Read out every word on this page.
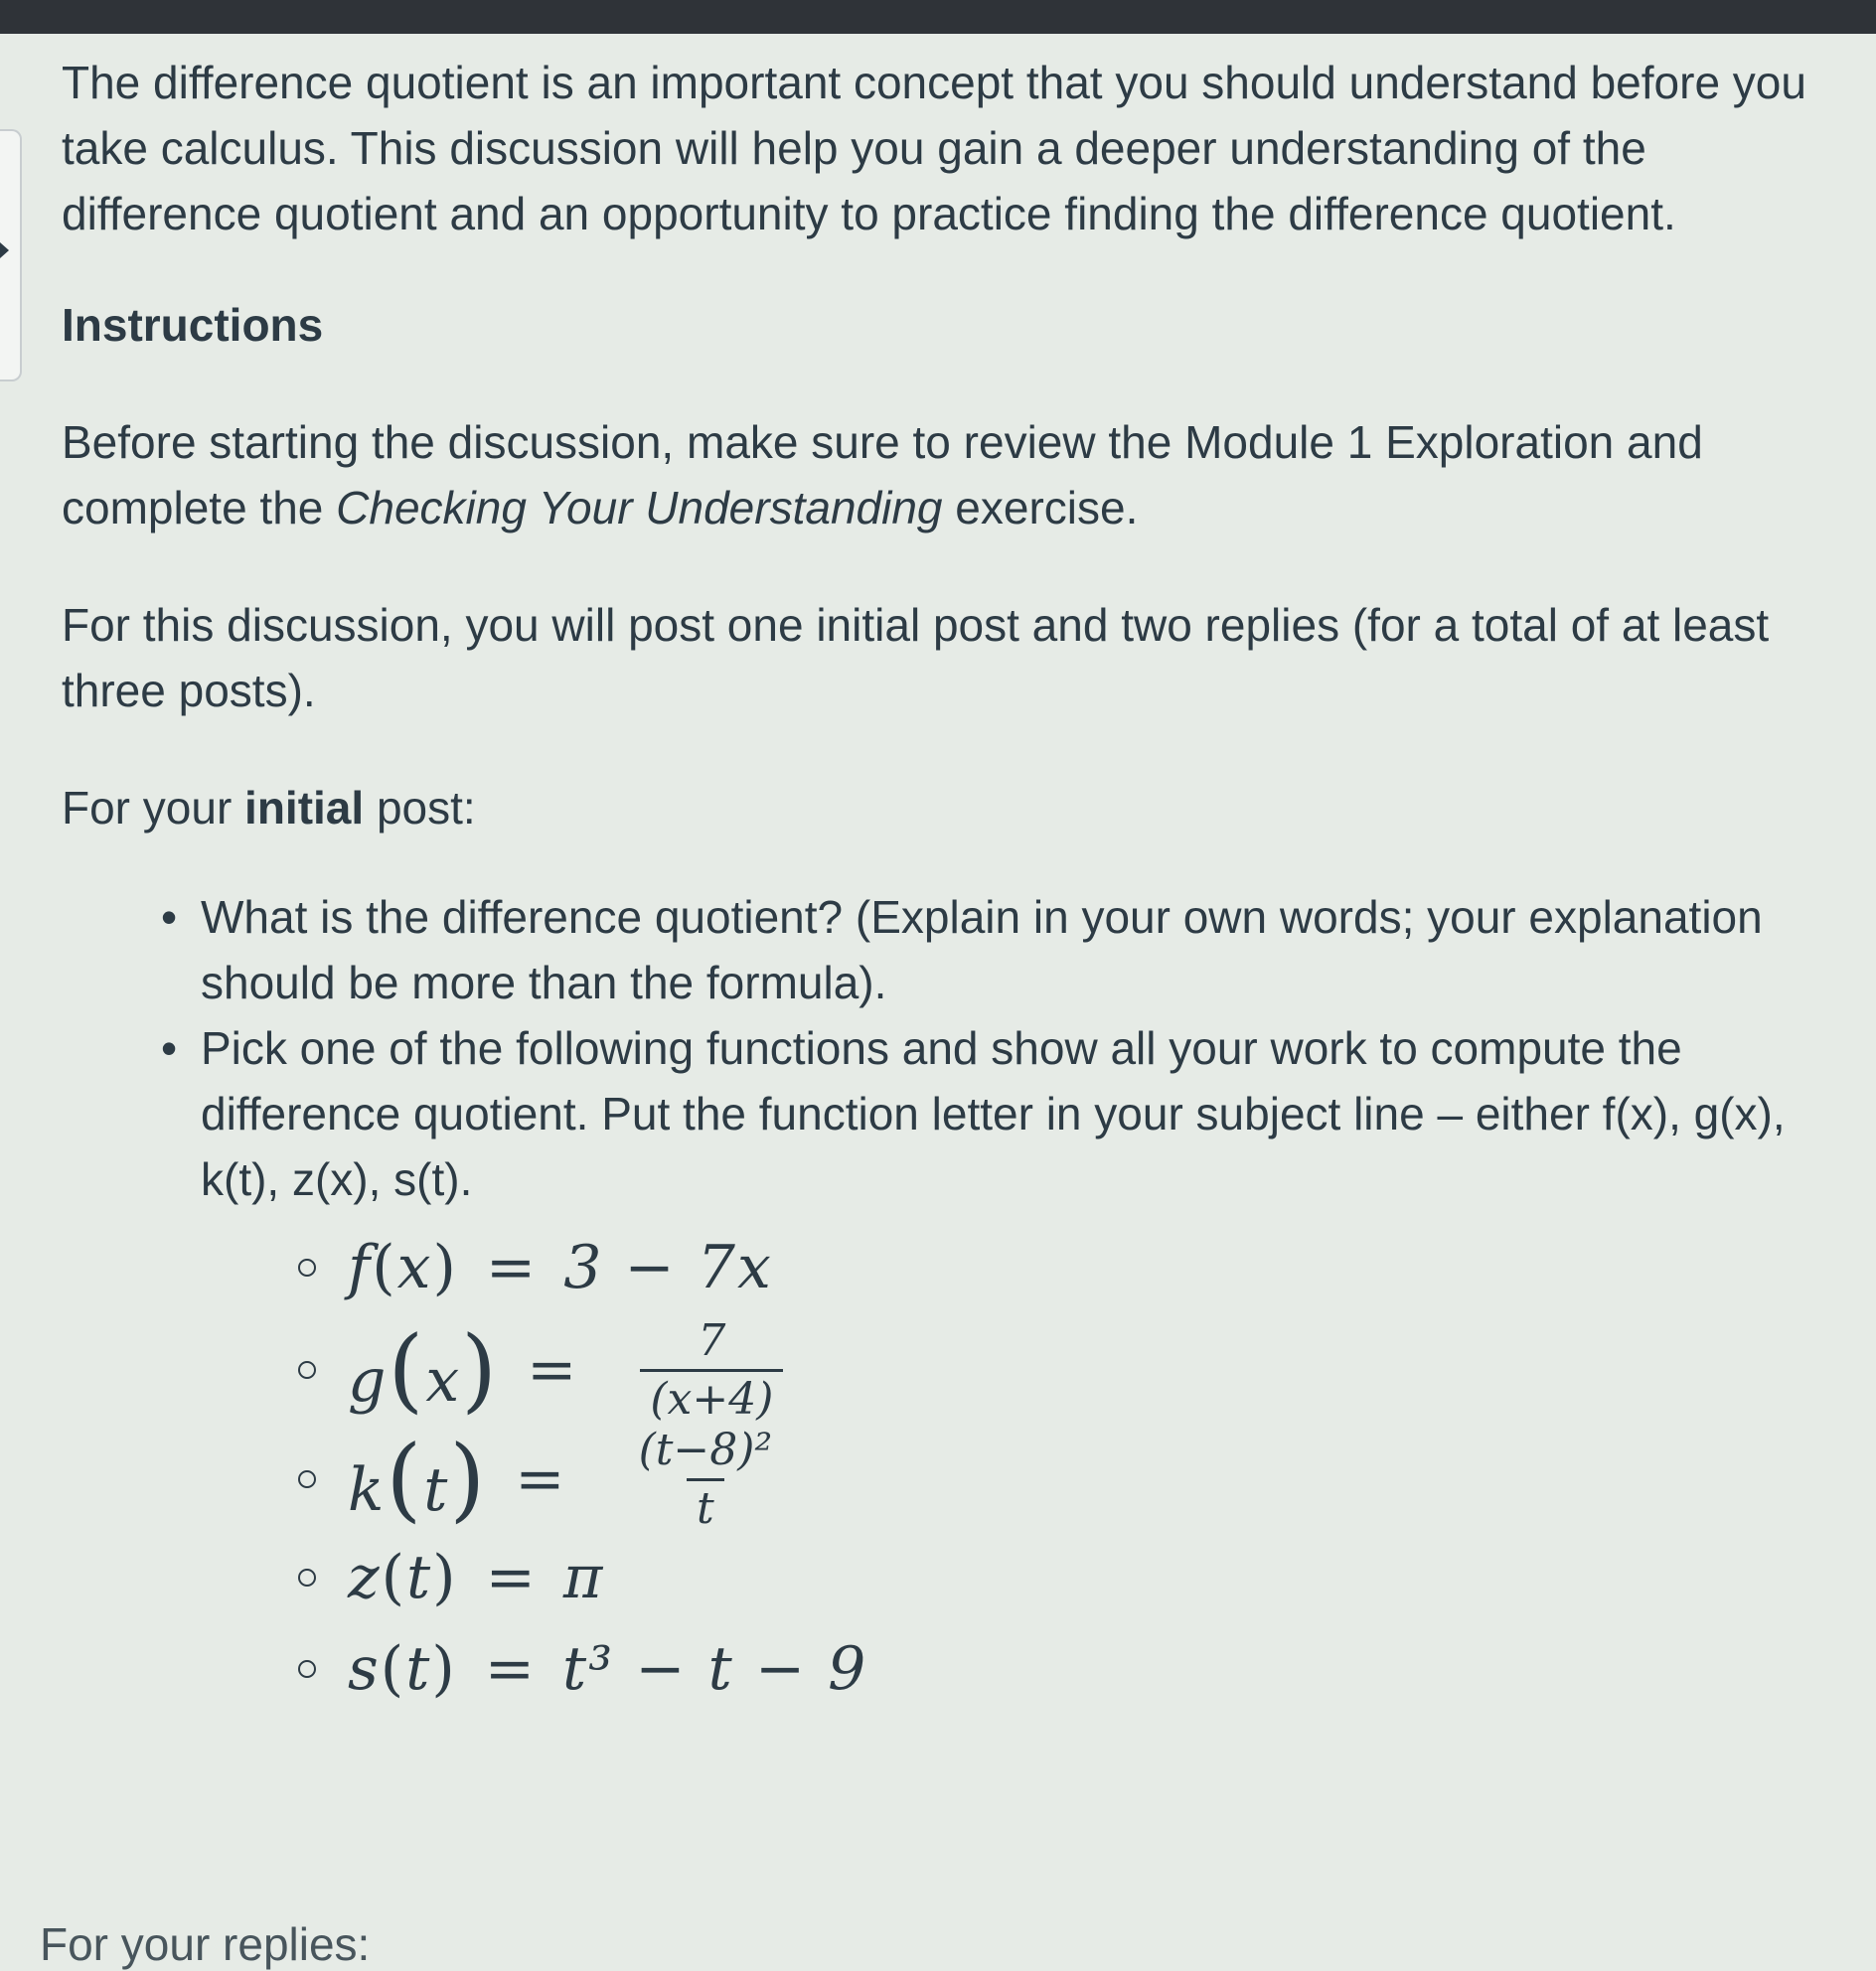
The difference quotient is an important concept that you should understand before you take calculus. This discussion will help you gain a deeper understanding of the difference quotient and an opportunity to practice finding the difference quotient.

Instructions

Before starting the discussion, make sure to review the Module 1 Exploration and complete the Checking Your Understanding exercise.

For this discussion, you will post one initial post and two replies (for a total of at least three posts).

For your initial post:

• What is the difference quotient? (Explain in your own words; your explanation should be more than the formula).
• Pick one of the following functions and show all your work to compute the difference quotient. Put the function letter in your subject line – either f(x), g(x), k(t), z(x), s(t).
f(x) = 3 − 7x
$g(x) = \frac{7}{(x+4)}$
$k(t) = \frac{\text{(t−8)²}}{t}$
z(t) = π
s(t) = t³ − t − 9
For your replies:
